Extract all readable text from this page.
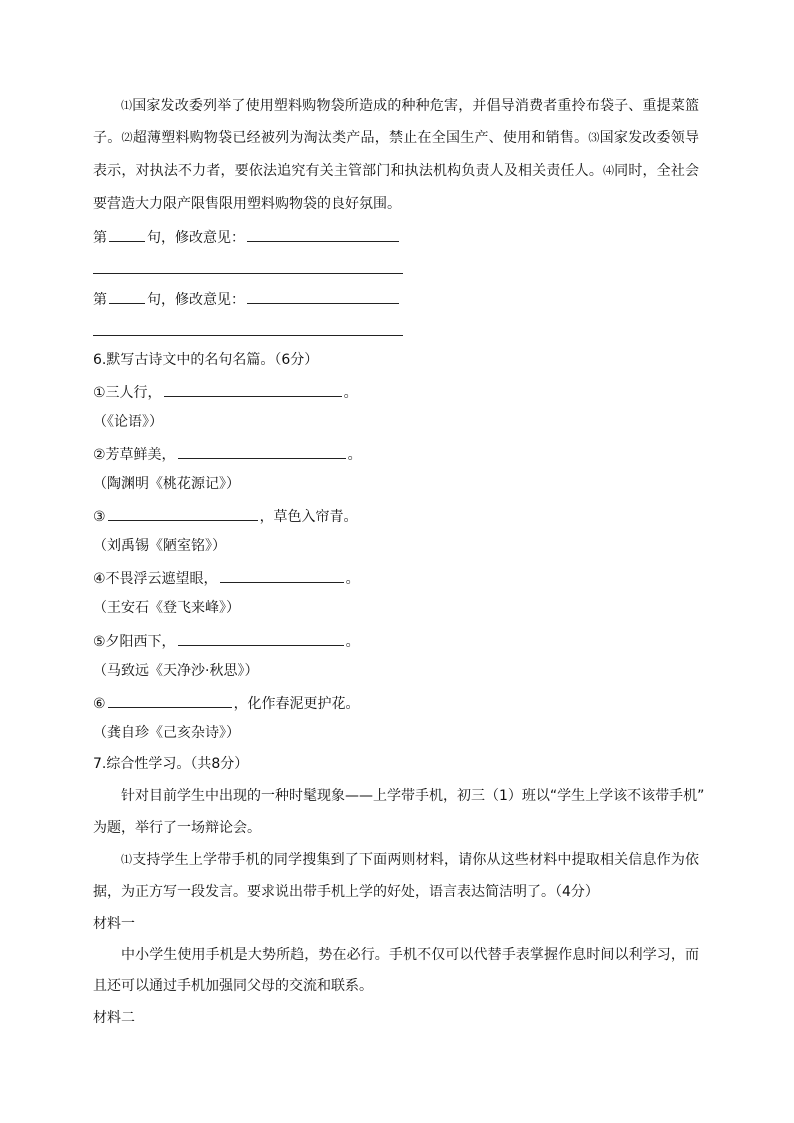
⑴国家发改委列举了使用塑料购物袋所造成的种种危害，并倡导消费者重拎布袋子、重提菜篮
子。⑵超薄塑料购物袋已经被列为淘汰类产品，禁止在全国生产、使用和销售。⑶国家发改委领导
表示，对执法不力者，要依法追究有关主管部门和执法机构负责人及相关责任人。⑷同时，全社会
要营造大力限产限售限用塑料购物袋的良好氛围。
第	句，修改意见：
第	句，修改意见：
6.默写古诗文中的名句名篇。（6分）
①三人行，	。
（《论语》）
②芳草鲜美，	。
（陶渊明《桃花源记》）
③	，草色入帘青。
（刘禹锡《陋室铭》）
④不畏浮云遮望眼，	。
（王安石《登飞来峰》）
⑤夕阳西下，	。
（马致远《天净沙·秋思》）
⑥	，化作春泥更护花。
（龚自珍《己亥杂诗》）
7.综合性学习。（共8分）
针对目前学生中出现的一种时髦现象——上学带手机，初三（1）班以“学生上学该不该带手机”
为题，举行了一场辩论会。
⑴支持学生上学带手机的同学搜集到了下面两则材料，请你从这些材料中提取相关信息作为依
据，为正方写一段发言。要求说出带手机上学的好处，语言表达简洁明了。（4分）
材料一
中小学生使用手机是大势所趋，势在必行。手机不仅可以代替手表掌握作息时间以利学习，而
且还可以通过手机加强同父母的交流和联系。
材料二
